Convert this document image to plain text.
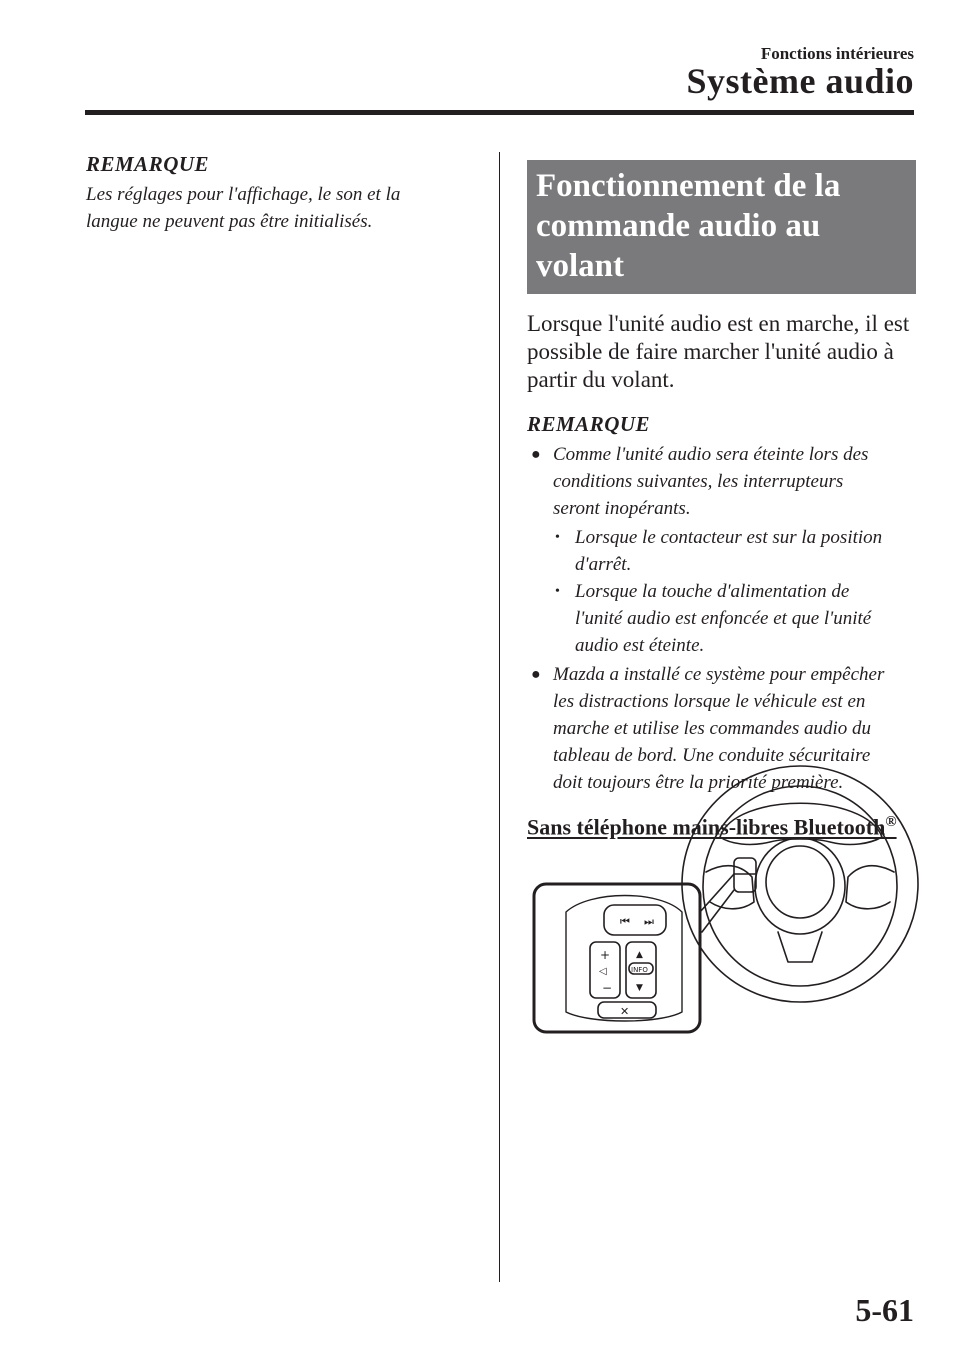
Fonctions intérieures
Système audio
REMARQUE

Les réglages pour l'affichage, le son et la
langue ne peuvent pas être initialisés.

Fonctionnement de la
commande audio au volant

Lorsque l'unité audio est en marche, il est
possible de faire marcher l'unité audio à
partir du volant.

REMARQUE
● Comme l'unité audio sera éteinte lors des
conditions suivantes, les interrupteurs
seront inopérants.
• Lorsque le contacteur est sur la position
d'arrêt.
• Lorsque la touche d'alimentation de
l'unité audio est enfoncée et que l'unité
audio est éteinte.
● Mazda a installé ce système pour empêcher
les distractions lorsque le véhicule est en
marche et utilise les commandes audio du
tableau de bord. Une conduite sécuritaire
doit toujours être la priorité première.
Sans téléphone mains-libres Bluetooth®
⏮ ⏭
+
◁
−
▲
INFO
▼
✕
5-61
